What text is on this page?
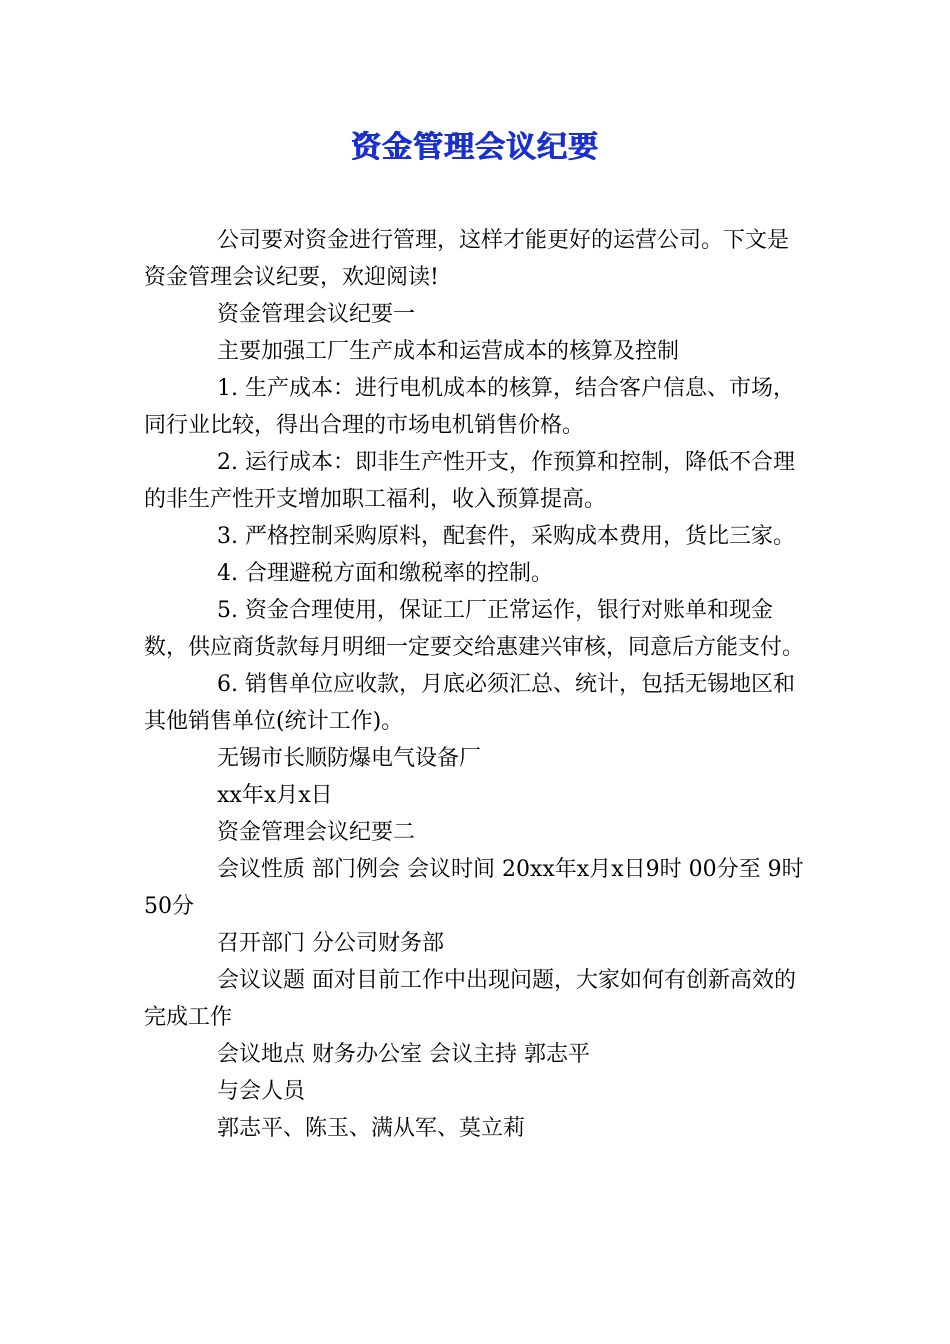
资金管理会议纪要

公司要对资金进行管理，这样才能更好的运营公司。下文是资金管理会议纪要，欢迎阅读!

资金管理会议纪要一

主要加强工厂生产成本和运营成本的核算及控制

1. 生产成本：进行电机成本的核算，结合客户信息、市场，同行业比较，得出合理的市场电机销售价格。

2. 运行成本：即非生产性开支，作预算和控制，降低不合理的非生产性开支增加职工福利，收入预算提高。

3. 严格控制采购原料，配套件，采购成本费用，货比三家。

4. 合理避税方面和缴税率的控制。

5. 资金合理使用，保证工厂正常运作，银行对账单和现金数，供应商货款每月明细一定要交给惠建兴审核，同意后方能支付。

6. 销售单位应收款，月底必须汇总、统计，包括无锡地区和其他销售单位(统计工作)。

无锡市长顺防爆电气设备厂

xx年x月x日

资金管理会议纪要二

会议性质 部门例会 会议时间 20xx年x月x日9时 00分至 9时50分

召开部门 分公司财务部

会议议题 面对目前工作中出现问题，大家如何有创新高效的完成工作

会议地点 财务办公室 会议主持 郭志平

与会人员

郭志平、陈玉、满从军、莫立莉
